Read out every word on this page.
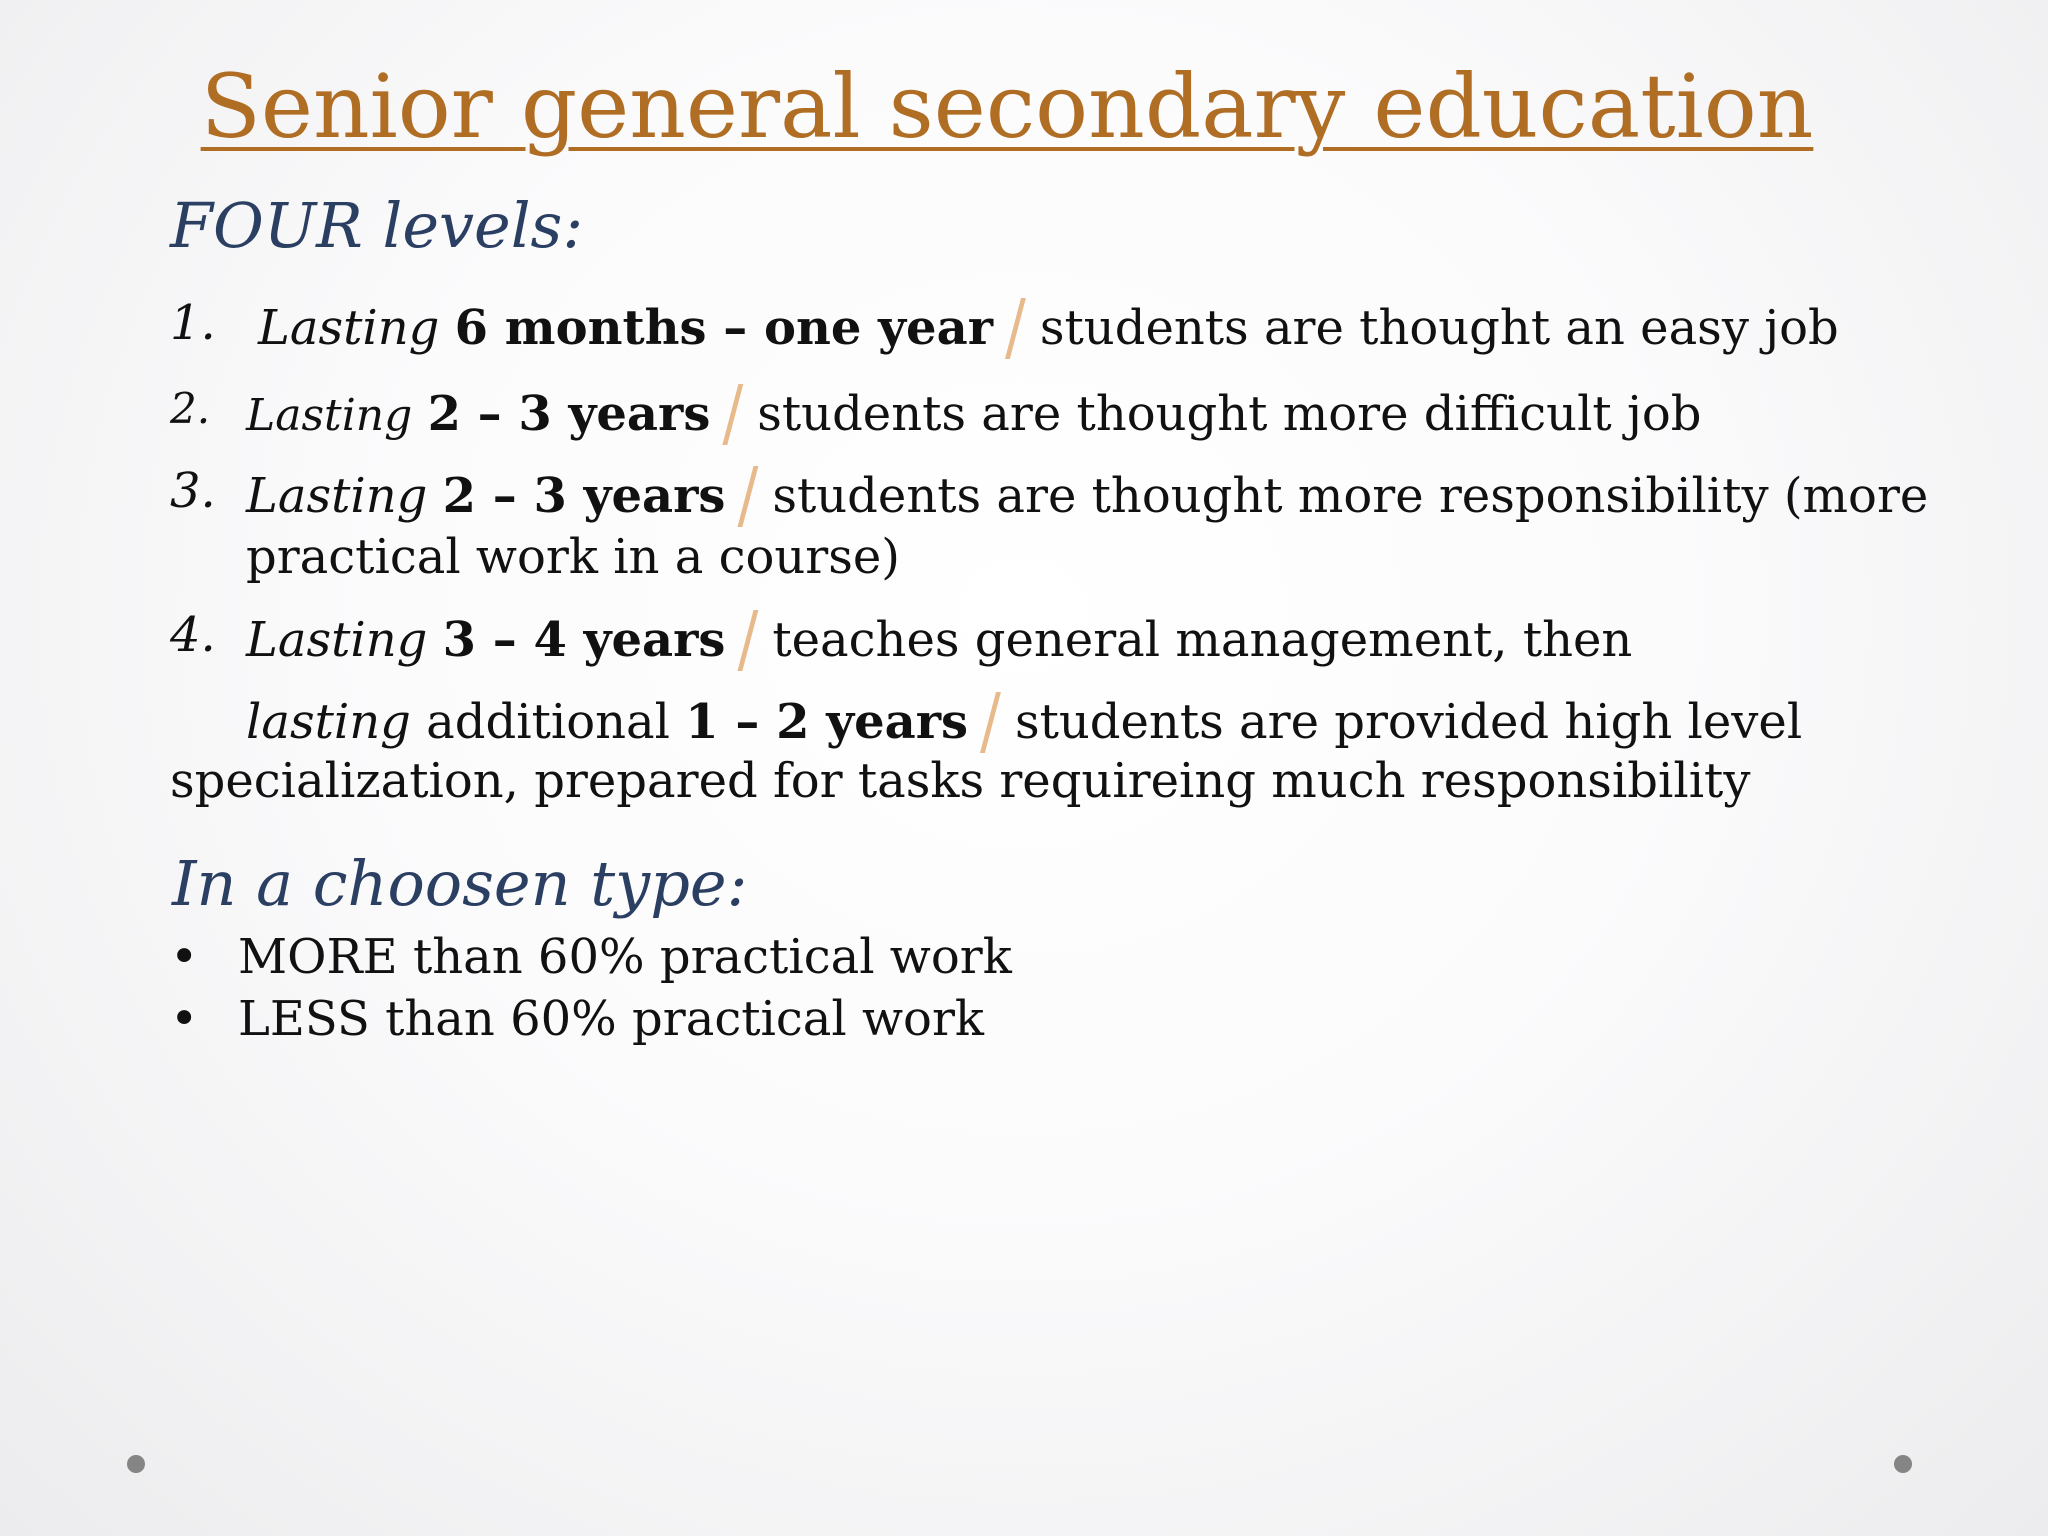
Senior general secondary education
FOUR levels:
1. Lasting 6 months – one year / students are thought an easy job
2. Lasting 2 – 3 years / students are thought more difficult job
3. Lasting 2 – 3 years / students are thought more responsibility (more
practical work in a course)
4. Lasting 3 – 4 years / teaches general management, then
lasting additional 1 – 2 years / students are provided high level
specialization, prepared for tasks requireing much responsibility
In a choosen type:
• MORE than 60% practical work
• LESS than 60% practical work
